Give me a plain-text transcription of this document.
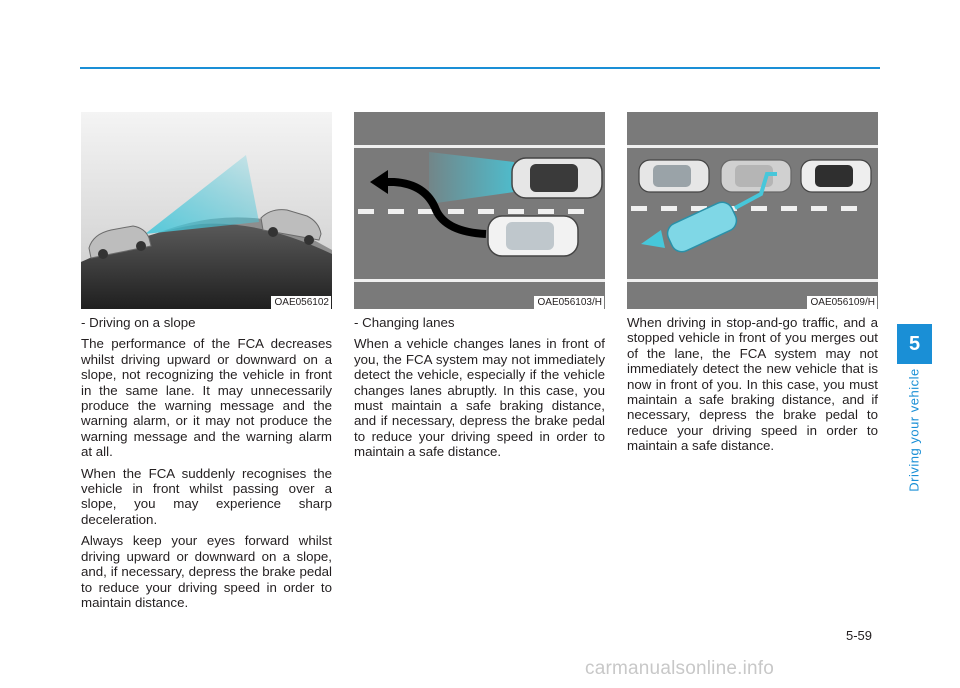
OAE056102

- Driving on a slope

The performance of the FCA decreases whilst driving upward or downward on a slope, not recognizing the vehicle in front in the same lane. It may unnecessarily produce the warning message and the warning alarm, or it may not produce the warning message and the warning alarm at all.

When the FCA suddenly recognises the vehicle in front whilst passing over a slope, you may experience sharp deceleration.

Always keep your eyes forward whilst driving upward or downward on a slope, and, if necessary, depress the brake pedal to reduce your driving speed in order to maintain distance.

OAE056103/H

- Changing lanes

When a vehicle changes lanes in front of you, the FCA system may not immediately detect the vehicle, especially if the vehicle changes lanes abruptly. In this case, you must maintain a safe braking distance, and if necessary, depress the brake pedal to reduce your driving speed in order to maintain a safe distance.

OAE056109/H

When driving in stop-and-go traffic, and a stopped vehicle in front of you merges out of the lane, the FCA system may not immediately detect the new vehicle that is now in front of you. In this case, you must maintain a safe braking distance, and if necessary, depress the brake pedal to reduce your driving speed in order to maintain a safe distance.

5
Driving your vehicle
5-59
carmanualsonline.info
